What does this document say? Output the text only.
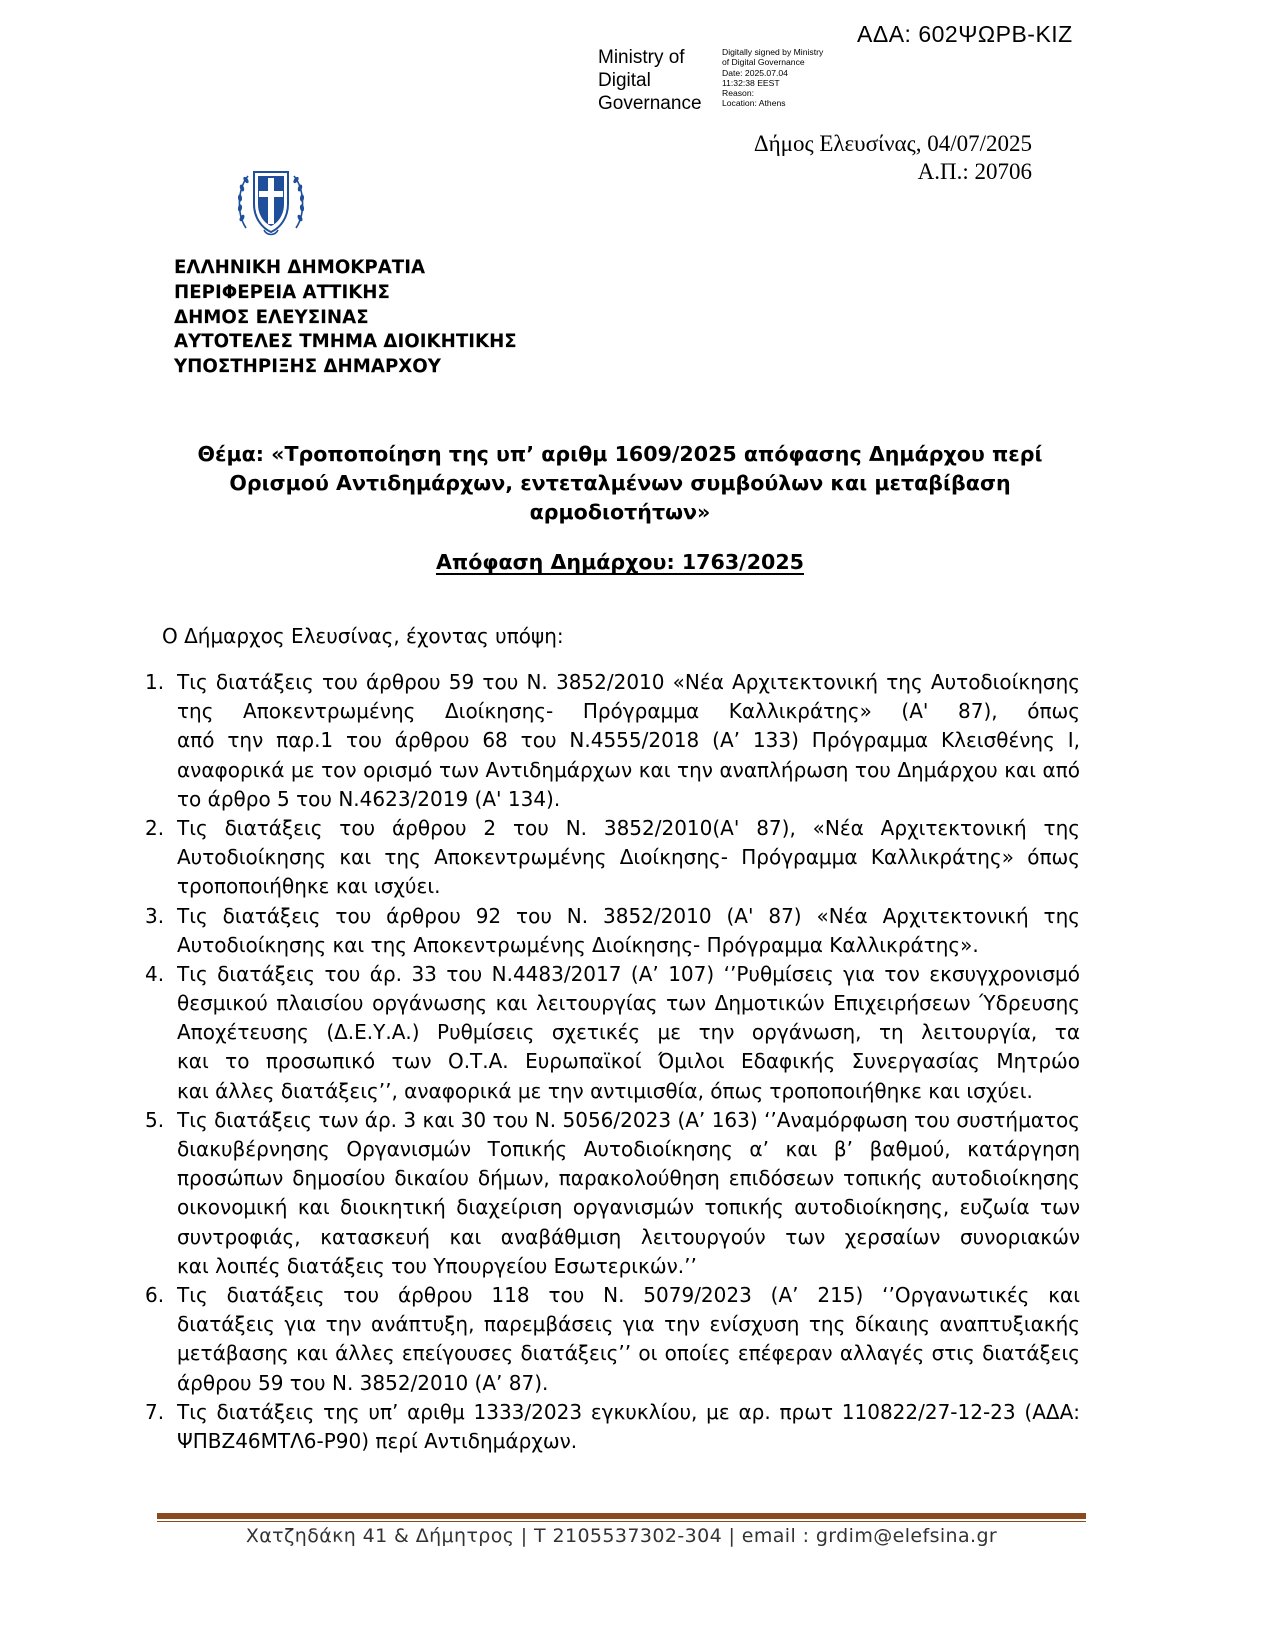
ΑΔΑ: 602ΨΩΡΒ-ΚΙΖ
Ministry of
Digital
Governance
Digitally signed by Ministry
of Digital Governance
Date: 2025.07.04
11:32:38 EEST
Reason:
Location: Athens
Δήμος Ελευσίνας, 04/07/2025
Α.Π.: 20706
ΕΛΛΗΝΙΚΗ ΔΗΜΟΚΡΑΤΙΑ
ΠΕΡΙΦΕΡΕΙΑ ΑΤΤΙΚΗΣ
ΔΗΜΟΣ ΕΛΕΥΣΙΝΑΣ
ΑΥΤΟΤΕΛΕΣ ΤΜΗΜΑ ΔΙΟΙΚΗΤΙΚΗΣ
ΥΠΟΣΤΗΡΙΞΗΣ ΔΗΜΑΡΧΟΥ
Θέμα: «Τροποποίηση της υπ’ αριθμ 1609/2025 απόφασης Δημάρχου περί
Ορισμού Αντιδημάρχων, εντεταλμένων συμβούλων και μεταβίβαση
αρμοδιοτήτων»
Απόφαση Δημάρχου: 1763/2025
Ο Δήμαρχος Ελευσίνας, έχοντας υπόψη:
1. Τις διατάξεις του άρθρου 59 του Ν. 3852/2010 «Νέα Αρχιτεκτονική της Αυτοδιοίκησης
της Αποκεντρωμένης Διοίκησης- Πρόγραμμα Καλλικράτης» (Α' 87), όπως
από την παρ.1 του άρθρου 68 του Ν.4555/2018 (Α’ 133) Πρόγραμμα Κλεισθένης Ι,
αναφορικά με τον ορισμό των Αντιδημάρχων και την αναπλήρωση του Δημάρχου και από
το άρθρο 5 του Ν.4623/2019 (Α' 134).
2. Τις διατάξεις του άρθρου 2 του Ν. 3852/2010(Α' 87), «Νέα Αρχιτεκτονική της
Αυτοδιοίκησης και της Αποκεντρωμένης Διοίκησης- Πρόγραμμα Καλλικράτης» όπως
τροποποιήθηκε και ισχύει.
3. Τις διατάξεις του άρθρου 92 του Ν. 3852/2010 (Α' 87) «Νέα Αρχιτεκτονική της
Αυτοδιοίκησης και της Αποκεντρωμένης Διοίκησης- Πρόγραμμα Καλλικράτης».
4. Τις διατάξεις του άρ. 33 του Ν.4483/2017 (Α’ 107) ‘’Ρυθμίσεις για τον εκσυγχρονισμό
θεσμικού πλαισίου οργάνωσης και λειτουργίας των Δημοτικών Επιχειρήσεων Ύδρευσης
Αποχέτευσης (Δ.Ε.Υ.Α.) Ρυθμίσεις σχετικές με την οργάνωση, τη λειτουργία, τα
και το προσωπικό των Ο.Τ.Α. Ευρωπαϊκοί Όμιλοι Εδαφικής Συνεργασίας Μητρώο
και άλλες διατάξεις’’, αναφορικά με την αντιμισθία, όπως τροποποιήθηκε και ισχύει.
5. Τις διατάξεις των άρ. 3 και 30 του Ν. 5056/2023 (Α’ 163) ‘’Αναμόρφωση του συστήματος
διακυβέρνησης Οργανισμών Τοπικής Αυτοδιοίκησης α’ και β’ βαθμού, κατάργηση
προσώπων δημοσίου δικαίου δήμων, παρακολούθηση επιδόσεων τοπικής αυτοδιοίκησης
οικονομική και διοικητική διαχείριση οργανισμών τοπικής αυτοδιοίκησης, ευζωία των
συντροφιάς, κατασκευή και αναβάθμιση λειτουργούν των χερσαίων συνοριακών
και λοιπές διατάξεις του Υπουργείου Εσωτερικών.’’
6. Τις διατάξεις του άρθρου 118 του Ν. 5079/2023 (Α’ 215) ‘’Οργανωτικές και
διατάξεις για την ανάπτυξη, παρεμβάσεις για την ενίσχυση της δίκαιης αναπτυξιακής
μετάβασης και άλλες επείγουσες διατάξεις’’ οι οποίες επέφεραν αλλαγές στις διατάξεις
άρθρου 59 του Ν. 3852/2010 (Α’ 87).
7. Τις διατάξεις της υπ’ αριθμ 1333/2023 εγκυκλίου, με αρ. πρωτ 110822/27-12-23 (ΑΔΑ:
ΨΠΒΖ46ΜΤΛ6-Ρ90) περί Αντιδημάρχων.
Χατζηδάκη 41 & Δήμητρος | Τ 2105537302-304 | email : grdim@elefsina.gr
